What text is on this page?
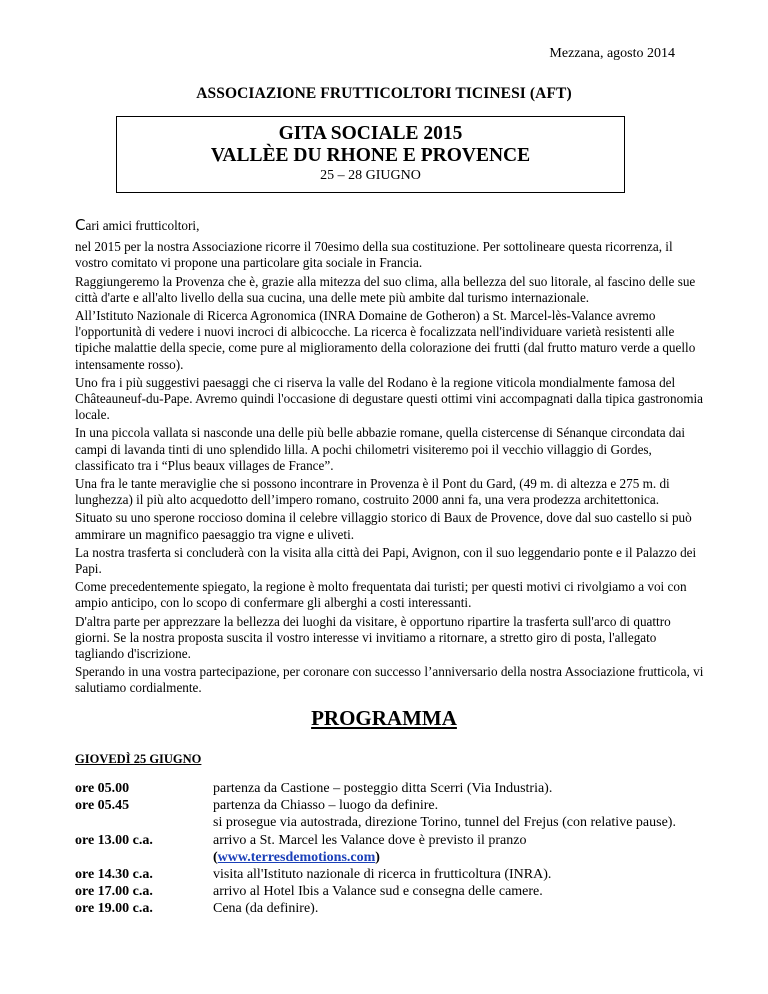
Mezzana, agosto 2014
ASSOCIAZIONE FRUTTICOLTORI TICINESI (AFT)
GITA SOCIALE 2015
VALLÈE DU RHONE E PROVENCE
25 – 28 GIUGNO

Cari amici frutticoltori,

nel 2015 per la nostra Associazione ricorre il 70esimo della sua costituzione. Per sottolineare questa ricorrenza, il vostro comitato vi propone una particolare gita sociale in Francia.

Raggiungeremo la Provenza che è, grazie alla mitezza del suo clima, alla bellezza del suo litorale, al fascino delle sue città d'arte e all'alto livello della sua cucina, una delle mete più ambite dal turismo internazionale.

All’Istituto Nazionale di Ricerca Agronomica (INRA Domaine de Gotheron) a St. Marcel-lès-Valance avremo l'opportunità di vedere i nuovi incroci di albicocche. La ricerca è focalizzata nell'individuare varietà resistenti alle tipiche malattie della specie, come pure al miglioramento della colorazione dei frutti (dal frutto maturo verde a quello intensamente rosso).

Uno fra i più suggestivi paesaggi che ci riserva la valle del Rodano è la regione viticola mondialmente famosa del Châteauneuf-du-Pape. Avremo quindi l'occasione di degustare questi ottimi vini accompagnati dalla tipica gastronomia locale.

In una piccola vallata si nasconde una delle più belle abbazie romane, quella cistercense di Sénanque circondata dai campi di lavanda tinti di uno splendido lilla. A pochi chilometri visiteremo poi il vecchio villaggio di Gordes, classificato tra i “Plus beaux villages de France”.

Una fra le tante meraviglie che si possono incontrare in Provenza è il Pont du Gard, (49 m. di altezza e 275 m. di lunghezza) il più alto acquedotto dell’impero romano, costruito 2000 anni fa, una vera prodezza architettonica.

Situato su uno sperone roccioso domina il celebre villaggio storico di Baux de Provence, dove dal suo castello si può ammirare un magnifico paesaggio tra vigne e uliveti.

La nostra trasferta si concluderà con la visita alla città dei Papi, Avignon, con il suo leggendario ponte e il Palazzo dei Papi.

Come precedentemente spiegato, la regione è molto frequentata dai turisti; per questi motivi ci rivolgiamo a voi con ampio anticipo, con lo scopo di confermare gli alberghi a costi interessanti.

D'altra parte per apprezzare la bellezza dei luoghi da visitare, è opportuno ripartire la trasferta sull'arco di quattro giorni. Se la nostra proposta suscita il vostro interesse vi invitiamo a ritornare, a stretto giro di posta, l'allegato tagliando d'iscrizione.

Sperando in una vostra partecipazione, per coronare con successo l’anniversario della nostra Associazione frutticola, vi salutiamo cordialmente.

PROGRAMMA
GIOVEDÌ 25 GIUGNO
ore 05.00	partenza da Castione – posteggio ditta Scerri (Via Industria).
ore 05.45	partenza da Chiasso – luogo da definire.
si prosegue via autostrada, direzione Torino, tunnel del Frejus (con relative pause).
ore 13.00 c.a.	arrivo a St. Marcel les Valance dove è previsto il pranzo
(www.terresdemotions.com)
ore 14.30 c.a.	visita all'Istituto nazionale di ricerca in frutticoltura (INRA).
ore 17.00 c.a.	arrivo al Hotel Ibis a Valance sud e consegna delle camere.
ore 19.00 c.a.	Cena (da definire).
